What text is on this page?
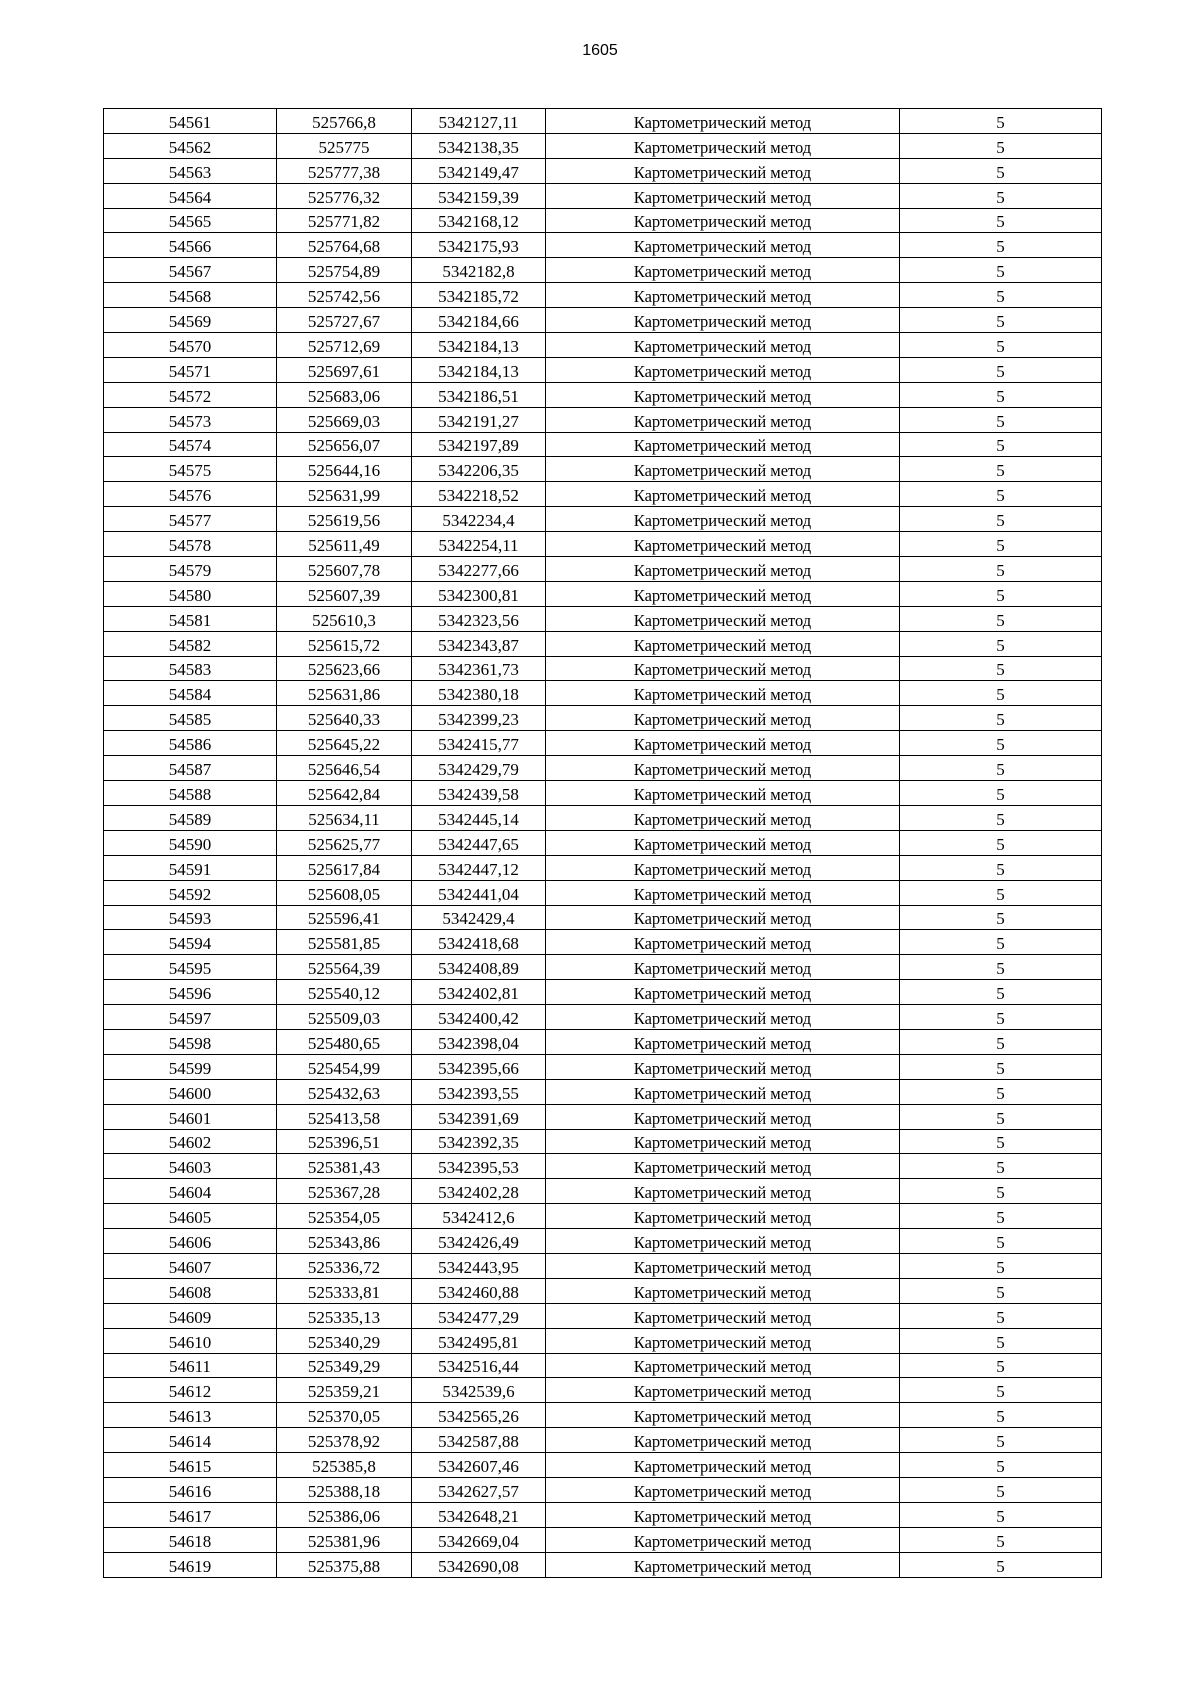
1605
54561	525766,8	5342127,11	Картометрический метод	5
54562	525775	5342138,35	Картометрический метод	5
54563	525777,38	5342149,47	Картометрический метод	5
54564	525776,32	5342159,39	Картометрический метод	5
54565	525771,82	5342168,12	Картометрический метод	5
54566	525764,68	5342175,93	Картометрический метод	5
54567	525754,89	5342182,8	Картометрический метод	5
54568	525742,56	5342185,72	Картометрический метод	5
54569	525727,67	5342184,66	Картометрический метод	5
54570	525712,69	5342184,13	Картометрический метод	5
54571	525697,61	5342184,13	Картометрический метод	5
54572	525683,06	5342186,51	Картометрический метод	5
54573	525669,03	5342191,27	Картометрический метод	5
54574	525656,07	5342197,89	Картометрический метод	5
54575	525644,16	5342206,35	Картометрический метод	5
54576	525631,99	5342218,52	Картометрический метод	5
54577	525619,56	5342234,4	Картометрический метод	5
54578	525611,49	5342254,11	Картометрический метод	5
54579	525607,78	5342277,66	Картометрический метод	5
54580	525607,39	5342300,81	Картометрический метод	5
54581	525610,3	5342323,56	Картометрический метод	5
54582	525615,72	5342343,87	Картометрический метод	5
54583	525623,66	5342361,73	Картометрический метод	5
54584	525631,86	5342380,18	Картометрический метод	5
54585	525640,33	5342399,23	Картометрический метод	5
54586	525645,22	5342415,77	Картометрический метод	5
54587	525646,54	5342429,79	Картометрический метод	5
54588	525642,84	5342439,58	Картометрический метод	5
54589	525634,11	5342445,14	Картометрический метод	5
54590	525625,77	5342447,65	Картометрический метод	5
54591	525617,84	5342447,12	Картометрический метод	5
54592	525608,05	5342441,04	Картометрический метод	5
54593	525596,41	5342429,4	Картометрический метод	5
54594	525581,85	5342418,68	Картометрический метод	5
54595	525564,39	5342408,89	Картометрический метод	5
54596	525540,12	5342402,81	Картометрический метод	5
54597	525509,03	5342400,42	Картометрический метод	5
54598	525480,65	5342398,04	Картометрический метод	5
54599	525454,99	5342395,66	Картометрический метод	5
54600	525432,63	5342393,55	Картометрический метод	5
54601	525413,58	5342391,69	Картометрический метод	5
54602	525396,51	5342392,35	Картометрический метод	5
54603	525381,43	5342395,53	Картометрический метод	5
54604	525367,28	5342402,28	Картометрический метод	5
54605	525354,05	5342412,6	Картометрический метод	5
54606	525343,86	5342426,49	Картометрический метод	5
54607	525336,72	5342443,95	Картометрический метод	5
54608	525333,81	5342460,88	Картометрический метод	5
54609	525335,13	5342477,29	Картометрический метод	5
54610	525340,29	5342495,81	Картометрический метод	5
54611	525349,29	5342516,44	Картометрический метод	5
54612	525359,21	5342539,6	Картометрический метод	5
54613	525370,05	5342565,26	Картометрический метод	5
54614	525378,92	5342587,88	Картометрический метод	5
54615	525385,8	5342607,46	Картометрический метод	5
54616	525388,18	5342627,57	Картометрический метод	5
54617	525386,06	5342648,21	Картометрический метод	5
54618	525381,96	5342669,04	Картометрический метод	5
54619	525375,88	5342690,08	Картометрический метод	5
